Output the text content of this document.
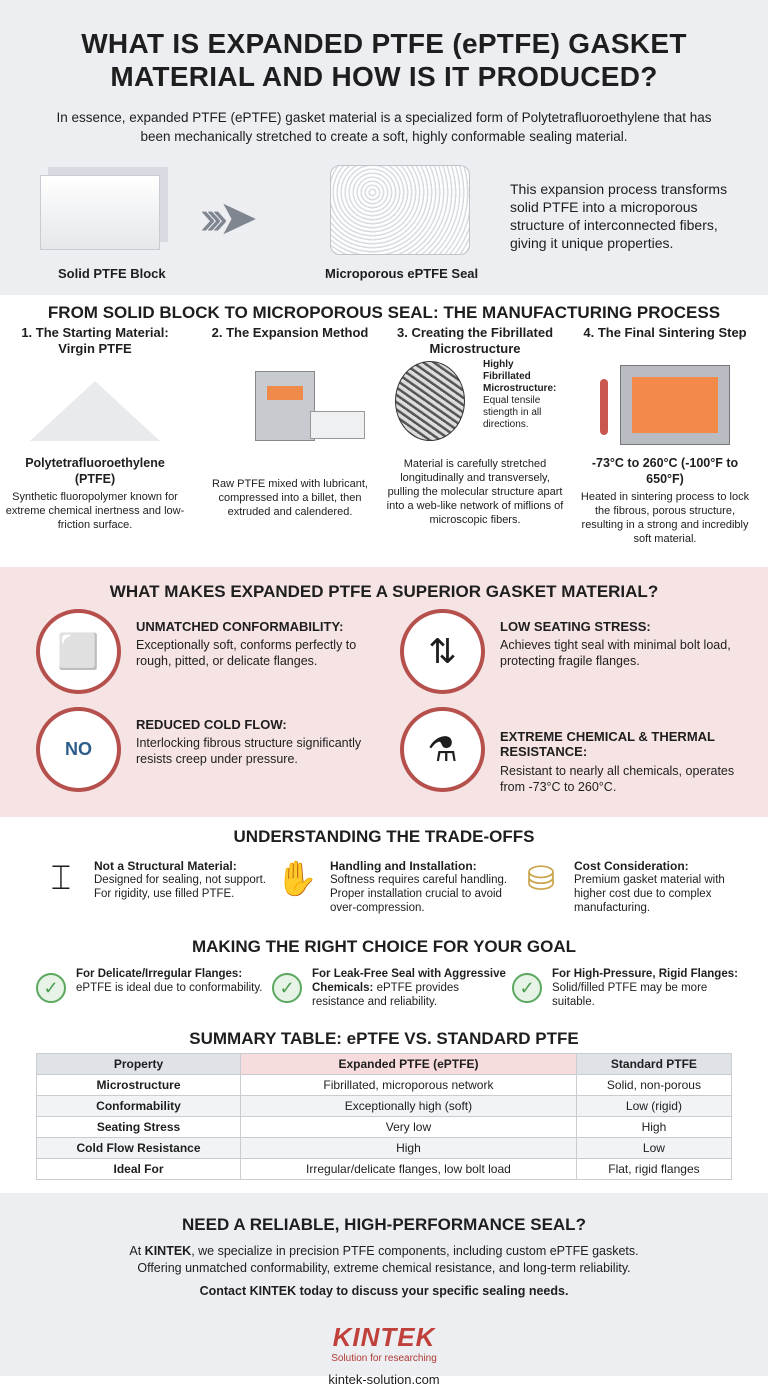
WHAT IS EXPANDED PTFE (ePTFE) GASKET
MATERIAL AND HOW IS IT PRODUCED?
In essence, expanded PTFE (ePTFE) gasket material is a specialized form of Polytetrafluoroethylene that has been mechanically stretched to create a soft, highly conformable sealing material.
›››➤
Solid PTFE Block	Microporous ePTFE Seal
This expansion process transforms solid PTFE into a microporous structure of interconnected fibers, giving it unique properties.
FROM SOLID BLOCK TO MICROPOROUS SEAL: THE MANUFACTURING PROCESS
1. The Starting Material: Virgin PTFE
Polytetrafluoroethylene (PTFE)

Synthetic fluoropolymer known for extreme chemical inertness and low-friction surface.

2. The Expansion Method

Raw PTFE mixed with lubricant, compressed into a billet, then extruded and calendered.

3. Creating the Fibrillated Microstructure
Highly Fibrillated Microstructure:
Equal tensile stiength in all directions.

Material is carefully stretched longitudinally and transversely, pulling the molecular structure apart into a web-like network of miflions of microscopic fibers.

4. The Final Sintering Step
-73°C to 260°C (-100°F to 650°F)

Heated in sintering process to lock the fibrous, porous structure, resulting in a strong and incredibly soft material.

WHAT MAKES EXPANDED PTFE A SUPERIOR GASKET MATERIAL?
⬜
UNMATCHED CONFORMABILITY:

Exceptionally soft, conforms perfectly to rough, pitted, or delicate flanges.	⇅
LOW SEATING STRESS:

Achieves tight seal with minimal bolt load, protecting fragile flanges.

NO
REDUCED COLD FLOW:

Interlocking fibrous structure significantly resists creep under pressure.	⚗	EXTREME CHEMICAL & THERMAL RESISTANCE:

Resistant to nearly all chemicals, operates from -73°C to 260°C.

UNDERSTANDING THE TRADE-OFFS
⌶	Not a Structural Material:

Designed for sealing, not support. For rigidity, use filled PTFE.	✋ Handling and Installation:

Softness requires careful handling. Proper installation crucial to avoid over-compression.

⛁	Cost Consideration:

Premium gasket material with higher cost due to complex manufacturing.

MAKING THE RIGHT CHOICE FOR YOUR GOAL
✓

For Delicate/Irregular Flanges: ePTFE is ideal due to conformability. ✓

For Leak-Free Seal with Aggressive Chemicals: ePTFE provides resistance and reliability.

✓

For High-Pressure, Rigid Flanges: Solid/filled PTFE may be more suitable.

SUMMARY TABLE: ePTFE VS. STANDARD PTFE
Property	Expanded PTFE (ePTFE)	Standard PTFE
Microstructure	Fibrillated, microporous network	Solid, non-porous
Conformability	Exceptionally high (soft)	Low (rigid)
Seating Stress	Very low	High
Cold Flow Resistance	High	Low
Ideal For	Irregular/delicate flanges, low bolt load	Flat, rigid flanges
NEED A RELIABLE, HIGH-PERFORMANCE SEAL?

At KINTEK, we specialize in precision PTFE components, including custom ePTFE gaskets.

Offering unmatched conformability, extreme chemical resistance, and long-term reliability.

Contact KINTEK today to discuss your specific sealing needs.

KINTEK
Solution for researching
kintek-solution.com
